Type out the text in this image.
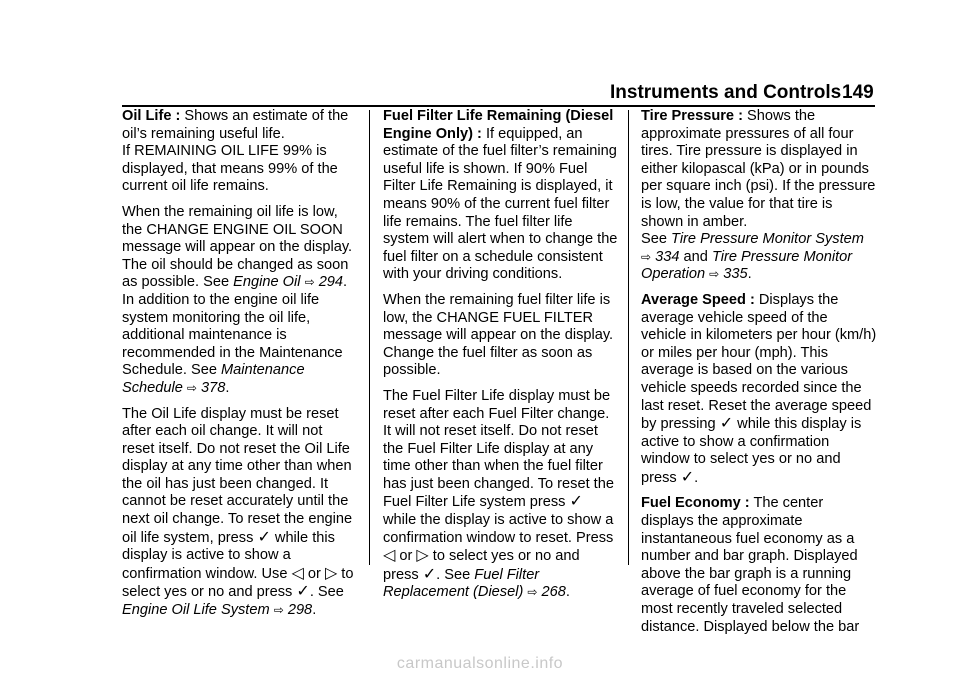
Instruments and Controls 149

Oil Life : Shows an estimate of the oil’s remaining useful life.
If REMAINING OIL LIFE 99% is displayed, that means 99% of the current oil life remains.

When the remaining oil life is low, the CHANGE ENGINE OIL SOON message will appear on the display. The oil should be changed as soon as possible. See Engine Oil ⇨ 294. In addition to the engine oil life system monitoring the oil life, additional maintenance is recommended in the Maintenance Schedule. See Maintenance Schedule ⇨ 378.

The Oil Life display must be reset after each oil change. It will not reset itself. Do not reset the Oil Life display at any time other than when the oil has just been changed. It cannot be reset accurately until the next oil change. To reset the engine oil life system, press ✓ while this display is active to show a confirmation window. Use ◁ or ▷ to select yes or no and press ✓. See Engine Oil Life System ⇨ 298.

Fuel Filter Life Remaining (Diesel Engine Only) : If equipped, an estimate of the fuel filter’s remaining useful life is shown. If 90% Fuel Filter Life Remaining is displayed, it means 90% of the current fuel filter life remains. The fuel filter life system will alert when to change the fuel filter on a schedule consistent with your driving conditions.

When the remaining fuel filter life is low, the CHANGE FUEL FILTER message will appear on the display. Change the fuel filter as soon as possible.

The Fuel Filter Life display must be reset after each Fuel Filter change. It will not reset itself. Do not reset the Fuel Filter Life display at any time other than when the fuel filter has just been changed. To reset the Fuel Filter Life system press ✓ while the display is active to show a confirmation window to reset. Press ◁ or ▷ to select yes or no and press ✓. See Fuel Filter Replacement (Diesel) ⇨ 268.

Tire Pressure : Shows the approximate pressures of all four tires. Tire pressure is displayed in either kilopascal (kPa) or in pounds per square inch (psi). If the pressure is low, the value for that tire is shown in amber.
See Tire Pressure Monitor System ⇨ 334 and Tire Pressure Monitor Operation ⇨ 335.

Average Speed : Displays the average vehicle speed of the vehicle in kilometers per hour (km/h) or miles per hour (mph). This average is based on the various vehicle speeds recorded since the last reset. Reset the average speed by pressing ✓ while this display is active to show a confirmation window to select yes or no and press ✓.

Fuel Economy : The center displays the approximate instantaneous fuel economy as a number and bar graph. Displayed above the bar graph is a running average of fuel economy for the most recently traveled selected distance. Displayed below the bar

carmanualsonline.info
